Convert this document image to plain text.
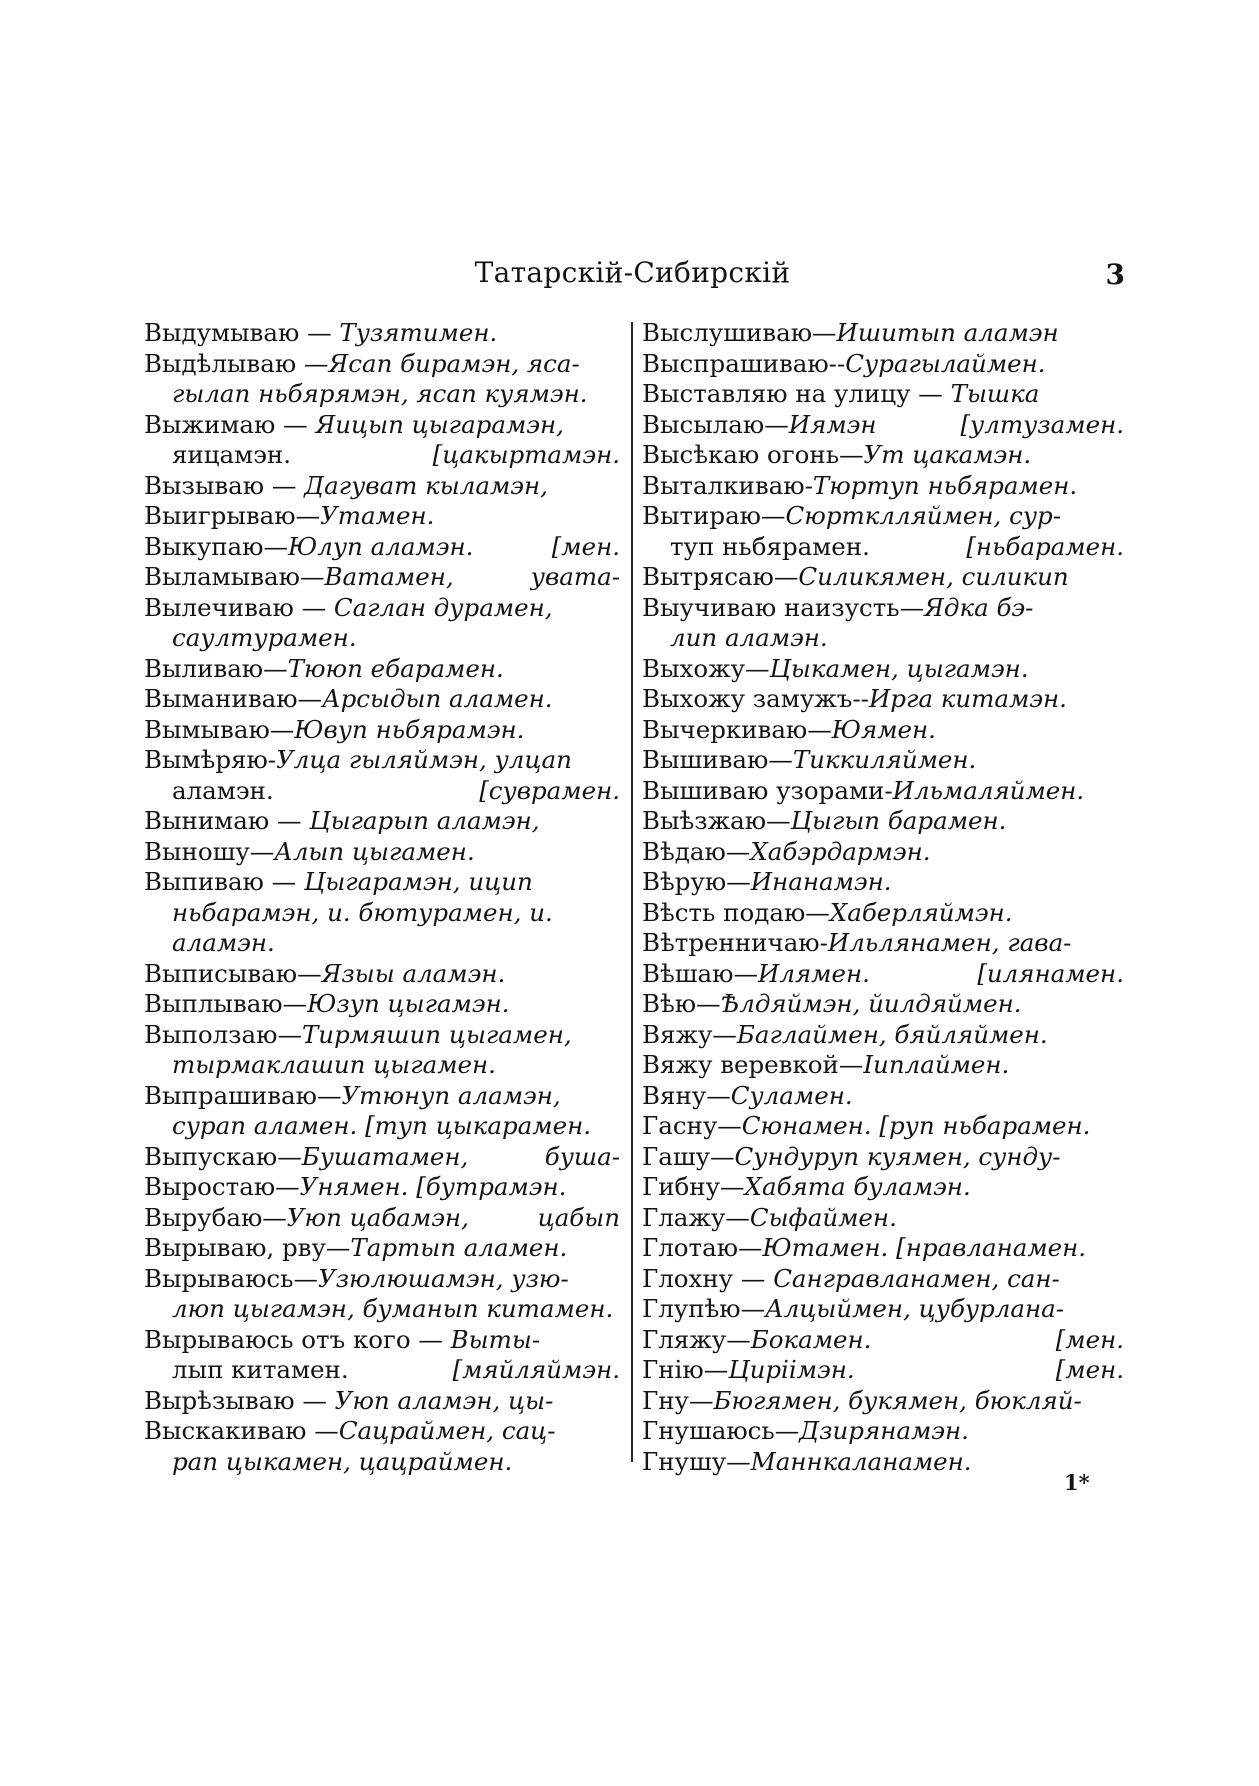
Татарскій-Сибирскій	3
Выдумываю — Тузятимен.
Выдѣлываю —Ясап бирамэн, яса-
гылап ньбярямэн, ясап куямэн.
Выжимаю — Яицып цыгарамэн,
яицамэн.	[цакыртамэн.
Вызываю — Дагуват кыламэн,
Выигрываю—Утамен.
Выкупаю—Юлуп аламэн.	[мен.
Выламываю—Ватамен,	увата-
Вылечиваю — Саглан дурамен,
саултурамен.
Выливаю—Тююп ебарамен.
Выманиваю—Арсыдып аламен.
Вымываю—Ювуп ньбярамэн.
Вымѣряю-Улца гыляймэн, улцап
аламэн.	[сувpамен.
Вынимаю — Цыгарып аламэн,
Выношу—Алып цыгамен.
Выпиваю — Цыгарамэн, ицип
ньбарамэн, и. бютурамен, и.
аламэн.
Выписываю—Языы аламэн.
Выплываю—Юзуп цыгамэн.
Выползаю—Тирмяшип цыгамен,
тырмаклашип цыгамен.
Выпрашиваю—Утюнуп аламэн,
сурап аламен. [туп цыкарамен.
Выпускаю—Бушатамен,	буша-
Выростаю—Унямен. [бутрамэн.
Вырубаю—Уюп цабамэн,	цабып
Вырываю, рву—Тартып аламен.
Вырываюсь—Узюлюшамэн, узю-
люп цыгамэн, буманып китамен.
Вырываюсь отъ кого — Выты-
лып китамен.	[мяйляймэн.
Вырѣзываю — Уюп аламэн, цы-
Выскакиваю —Сацраймен, сац-
рап цыкамен, цацраймен.
Выслушиваю—Ишитып аламэн
Выспрашиваю--Сурагылаймен.
Выставляю на улицу — Тышка
Высылаю—Иямэн	[ултузамен.
Высѣкаю огонь—Ут цакамэн.
Выталкиваю-Тюртуп ньбярамен.
Вытираю—Сюртклляймен, сур-
туп ньбярамен.	[ньбарамен.
Вытрясаю—Силикямен, силикип
Выучиваю наизусть—Ядка бэ-
лип аламэн.
Выхожу—Цыкамен, цыгамэн.
Выхожу замужъ--Ирга китамэн.
Вычеркиваю—Юямен.
Вышиваю—Тиккиляймен.
Вышиваю узорами-Ильмаляймен.
Выѣзжаю—Цыгып барамен.
Вѣдаю—Хабэрдармэн.
Вѣрую—Инанамэн.
Вѣсть подаю—Хаберляймэн.
Вѣтренничаю-Ильлянамен, гава-
Вѣшаю—Илямен.	[илянамен.
Вѣю—Ѣлдяймэн, йилдяймен.
Вяжу—Баглаймен, бяйляймен.
Вяжу веревкой—Іиплаймен.
Вяну—Суламен.
Гасну—Сюнамен. [руп ньбарамен.
Гашу—Сундуруп куямен, сунду-
Гибну—Хабята буламэн.
Глажу—Сыфаймен.
Глотаю—Ютамен. [нравланамен.
Глохну — Сангравланамен, сан-
Глупѣю—Алцыймен, цубурлана-
Гляжу—Бокамен.	[мен.
Гнію—Циріімэн.	[мен.
Гну—Бюгямен, букямен, бюкляй-
Гнушаюсь—Дзирянамэн.
Гнушу—Маннкаланамен.
1*
